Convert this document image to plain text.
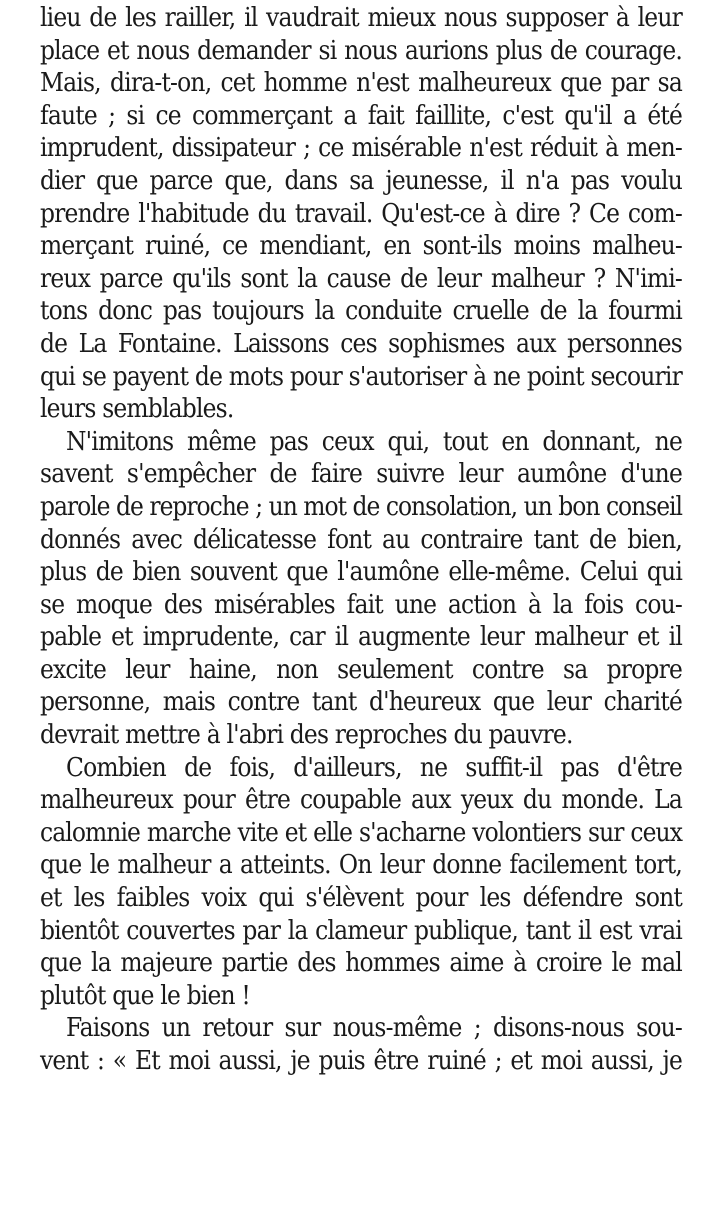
lieu de les railler, il vaudrait mieux nous supposer à leur
place et nous demander si nous aurions plus de courage.
Mais, dira-t-on, cet homme n'est malheureux que par sa
faute ; si ce commerçant a fait faillite, c'est qu'il a été
imprudent, dissipateur ; ce misérable n'est réduit à men-
dier que parce que, dans sa jeunesse, il n'a pas voulu
prendre l'habitude du travail. Qu'est-ce à dire ? Ce com-
merçant ruiné, ce mendiant, en sont-ils moins malheu-
reux parce qu'ils sont la cause de leur malheur ? N'imi-
tons donc pas toujours la conduite cruelle de la fourmi
de La Fontaine. Laissons ces sophismes aux personnes
qui se payent de mots pour s'autoriser à ne point secourir
leurs semblables.
N'imitons même pas ceux qui, tout en donnant, ne
savent s'empêcher de faire suivre leur aumône d'une
parole de reproche ; un mot de consolation, un bon conseil
donnés avec délicatesse font au contraire tant de bien,
plus de bien souvent que l'aumône elle-même. Celui qui
se moque des misérables fait une action à la fois cou-
pable et imprudente, car il augmente leur malheur et il
excite leur haine, non seulement contre sa propre
personne, mais contre tant d'heureux que leur charité
devrait mettre à l'abri des reproches du pauvre.
Combien de fois, d'ailleurs, ne suffit-il pas d'être
malheureux pour être coupable aux yeux du monde. La
calomnie marche vite et elle s'acharne volontiers sur ceux
que le malheur a atteints. On leur donne facilement tort,
et les faibles voix qui s'élèvent pour les défendre sont
bientôt couvertes par la clameur publique, tant il est vrai
que la majeure partie des hommes aime à croire le mal
plutôt que le bien !
Faisons un retour sur nous-même ; disons-nous sou-
vent : « Et moi aussi, je puis être ruiné ; et moi aussi, je
